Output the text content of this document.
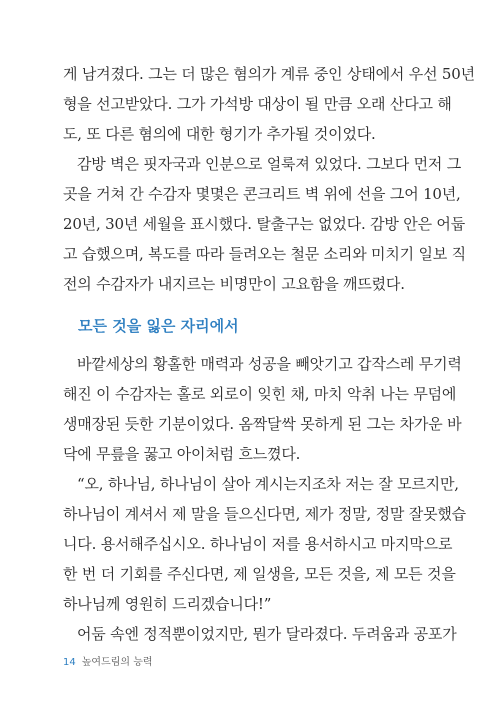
게 남겨졌다. 그는 더 많은 혐의가 계류 중인 상태에서 우선 50년
형을 선고받았다. 그가 가석방 대상이 될 만큼 오래 산다고 해
도, 또 다른 혐의에 대한 형기가 추가될 것이었다.
감방 벽은 핏자국과 인분으로 얼룩져 있었다. 그보다 먼저 그
곳을 거쳐 간 수감자 몇몇은 콘크리트 벽 위에 선을 그어 10년,
20년, 30년 세월을 표시했다. 탈출구는 없었다. 감방 안은 어둡
고 습했으며, 복도를 따라 들려오는 철문 소리와 미치기 일보 직
전의 수감자가 내지르는 비명만이 고요함을 깨뜨렸다.
모든 것을 잃은 자리에서
바깥세상의 황홀한 매력과 성공을 빼앗기고 갑작스레 무기력
해진 이 수감자는 홀로 외로이 잊힌 채, 마치 악취 나는 무덤에
생매장된 듯한 기분이었다. 옴짝달싹 못하게 된 그는 차가운 바
닥에 무릎을 꿇고 아이처럼 흐느꼈다.
“오, 하나님, 하나님이 살아 계시는지조차 저는 잘 모르지만,
하나님이 계셔서 제 말을 들으신다면, 제가 정말, 정말 잘못했습
니다. 용서해주십시오. 하나님이 저를 용서하시고 마지막으로
한 번 더 기회를 주신다면, 제 일생을, 모든 것을, 제 모든 것을
하나님께 영원히 드리겠습니다!”
어둠 속엔 정적뿐이었지만, 뭔가 달라졌다. 두려움과 공포가
14 높여드림의 능력
